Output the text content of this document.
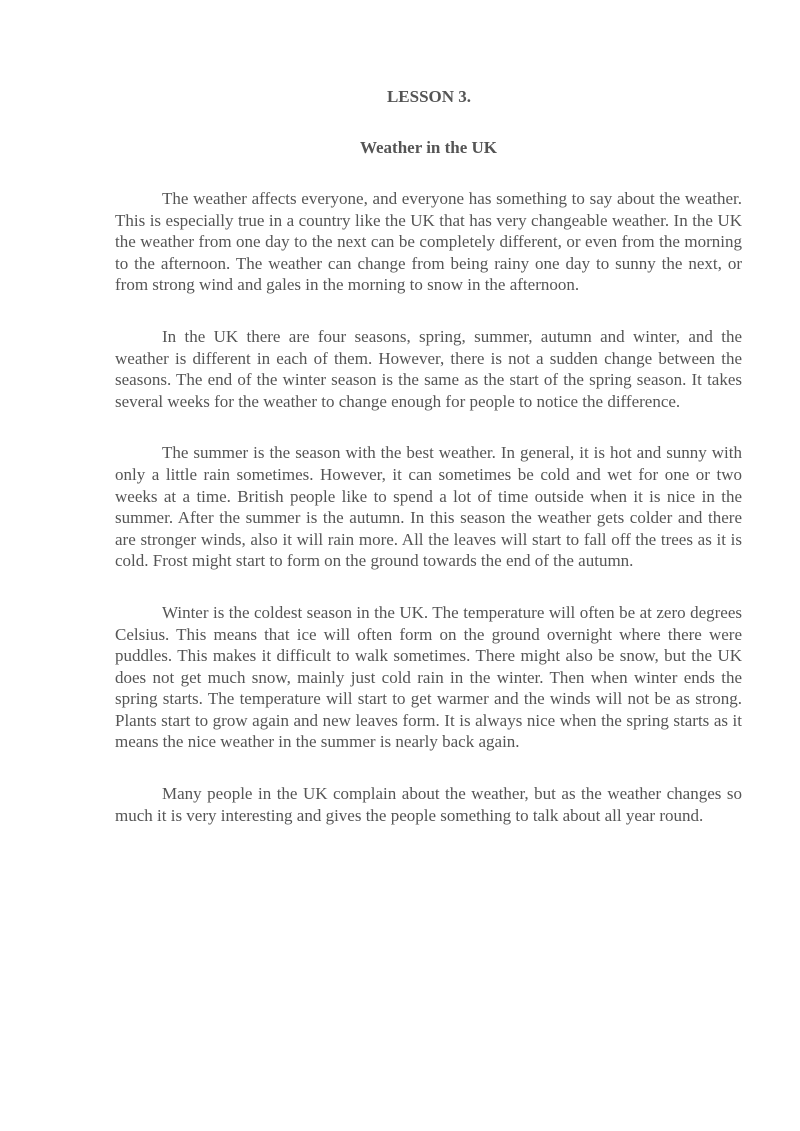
LESSON 3.
Weather in the UK

The weather affects everyone, and everyone has something to say about the weather. This is especially true in a country like the UK that has very changeable weather. In the UK the weather from one day to the next can be completely different, or even from the morning to the afternoon. The weather can change from being rainy one day to sunny the next, or from strong wind and gales in the morning to snow in the afternoon.

In the UK there are four seasons, spring, summer, autumn and winter, and the weather is different in each of them. However, there is not a sudden change between the seasons. The end of the winter season is the same as the start of the spring season. It takes several weeks for the weather to change enough for people to notice the difference.

The summer is the season with the best weather. In general, it is hot and sunny with only a little rain sometimes. However, it can sometimes be cold and wet for one or two weeks at a time. British people like to spend a lot of time outside when it is nice in the summer. After the summer is the autumn. In this season the weather gets colder and there are stronger winds, also it will rain more. All the leaves will start to fall off the trees as it is cold. Frost might start to form on the ground towards the end of the autumn.

Winter is the coldest season in the UK. The temperature will often be at zero degrees Celsius. This means that ice will often form on the ground overnight where there were puddles. This makes it difficult to walk sometimes. There might also be snow, but the UK does not get much snow, mainly just cold rain in the winter. Then when winter ends the spring starts. The temperature will start to get warmer and the winds will not be as strong. Plants start to grow again and new leaves form. It is always nice when the spring starts as it means the nice weather in the summer is nearly back again.

Many people in the UK complain about the weather, but as the weather changes so much it is very interesting and gives the people something to talk about all year round.
